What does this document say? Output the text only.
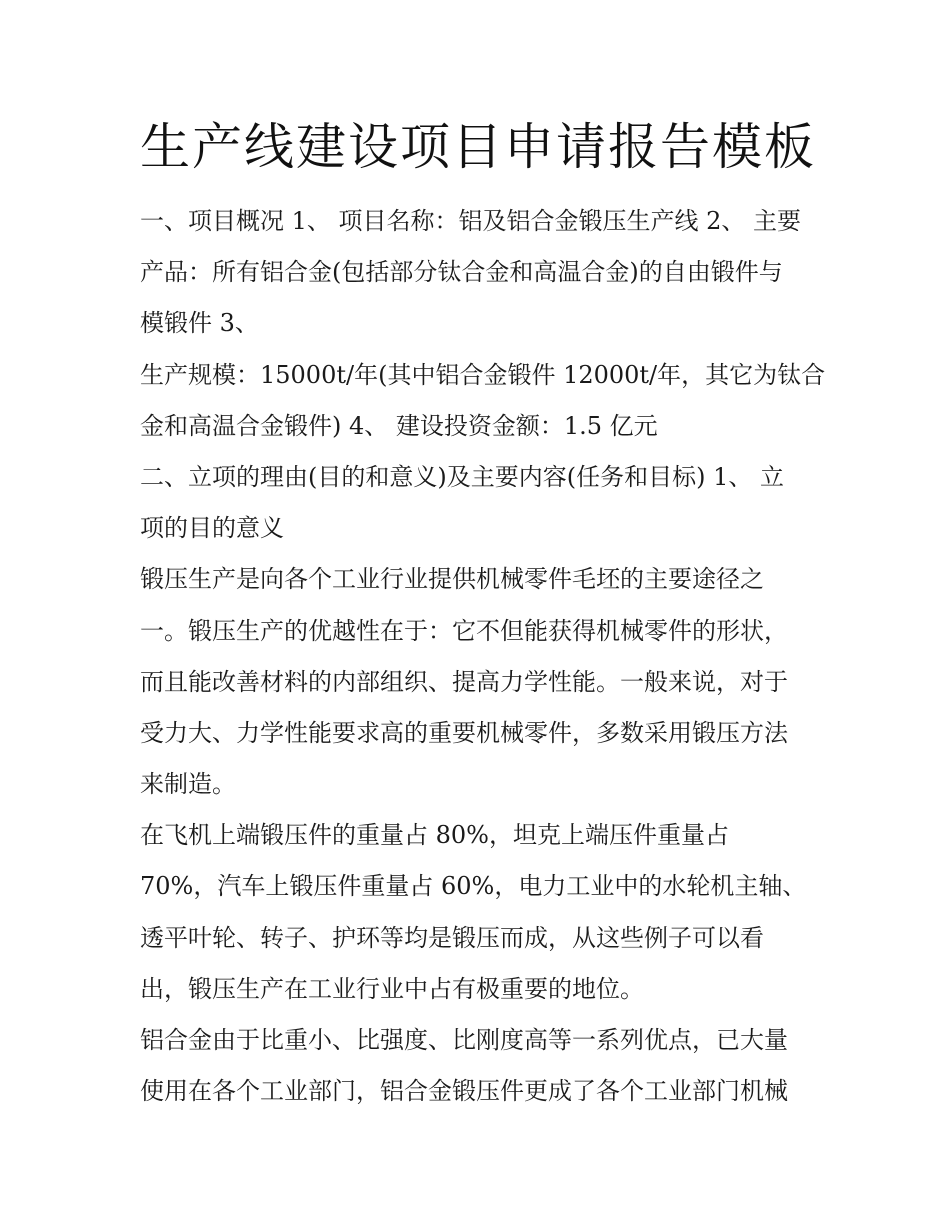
生产线建设项目申请报告模板
一、项目概况 1、 项目名称：铝及铝合金锻压生产线 2、 主要
产品：所有铝合金(包括部分钛合金和高温合金)的自由锻件与
模锻件 3、
生产规模：15000t/年(其中铝合金锻件 12000t/年，其它为钛合
金和高温合金锻件) 4、 建设投资金额：1.5 亿元
二、立项的理由(目的和意义)及主要内容(任务和目标) 1、 立
项的目的意义
锻压生产是向各个工业行业提供机械零件毛坯的主要途径之
一。锻压生产的优越性在于：它不但能获得机械零件的形状，
而且能改善材料的内部组织、提高力学性能。一般来说，对于
受力大、力学性能要求高的重要机械零件，多数采用锻压方法
来制造。
在飞机上端锻压件的重量占 80%，坦克上端压件重量占
70%，汽车上锻压件重量占 60%，电力工业中的水轮机主轴、
透平叶轮、转子、护环等均是锻压而成，从这些例子可以看
出，锻压生产在工业行业中占有极重要的地位。
铝合金由于比重小、比强度、比刚度高等一系列优点，已大量
使用在各个工业部门，铝合金锻压件更成了各个工业部门机械
